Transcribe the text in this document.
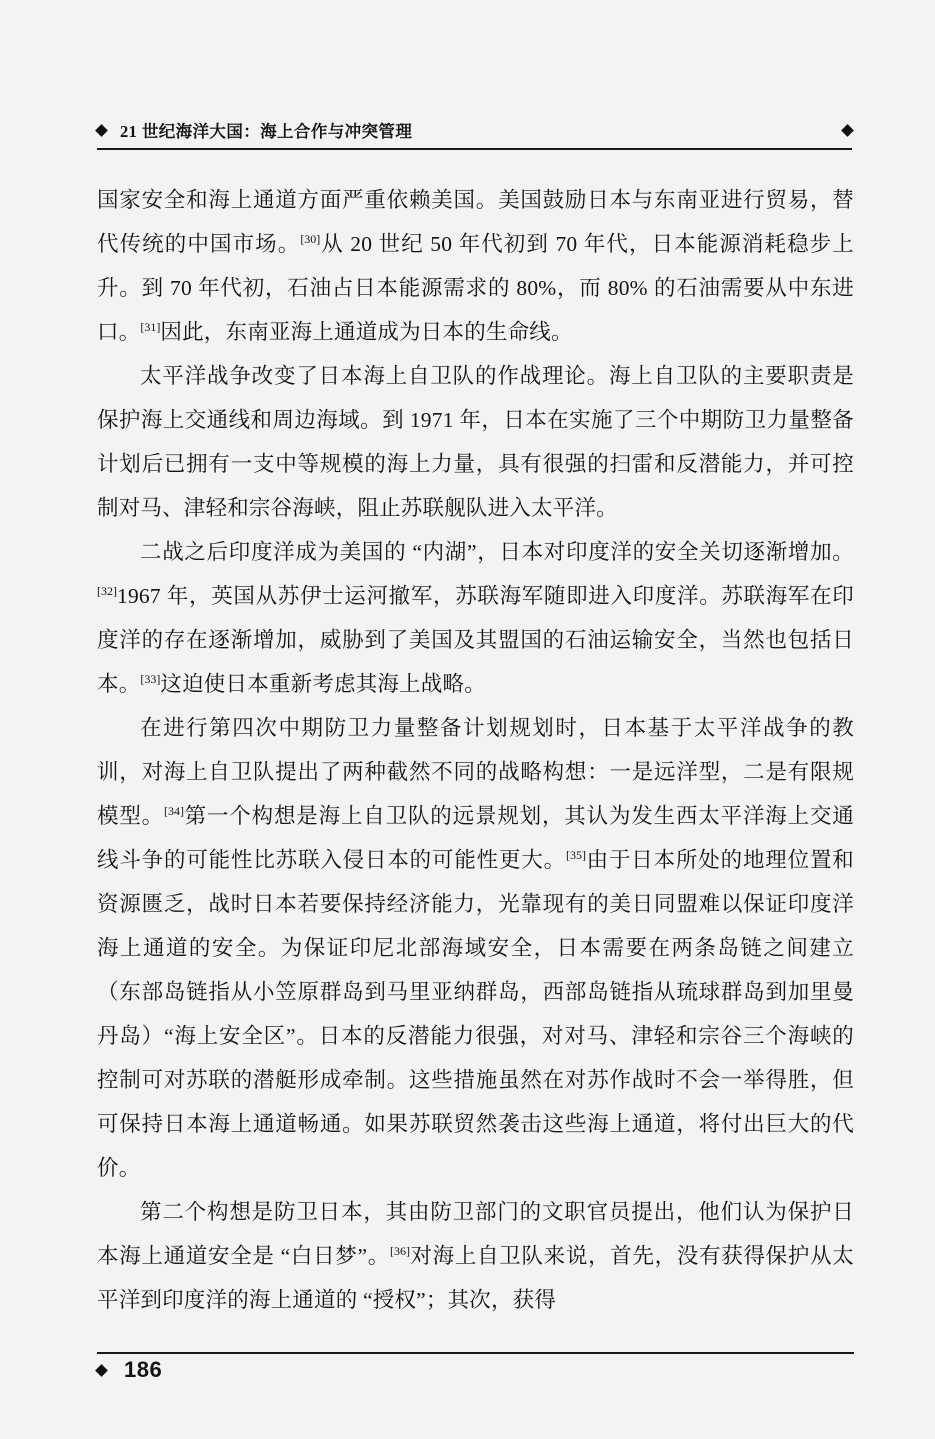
21 世纪海洋大国：海上合作与冲突管理

国家安全和海上通道方面严重依赖美国。美国鼓励日本与东南亚进行贸易，替代传统的中国市场。[30]从 20 世纪 50 年代初到 70 年代，日本能源消耗稳步上升。到 70 年代初，石油占日本能源需求的 80%，而 80% 的石油需要从中东进口。[31]因此，东南亚海上通道成为日本的生命线。

太平洋战争改变了日本海上自卫队的作战理论。海上自卫队的主要职责是保护海上交通线和周边海域。到 1971 年，日本在实施了三个中期防卫力量整备计划后已拥有一支中等规模的海上力量，具有很强的扫雷和反潜能力，并可控制对马、津轻和宗谷海峡，阻止苏联舰队进入太平洋。

二战之后印度洋成为美国的 “内湖”，日本对印度洋的安全关切逐渐增加。[32]1967 年，英国从苏伊士运河撤军，苏联海军随即进入印度洋。苏联海军在印度洋的存在逐渐增加，威胁到了美国及其盟国的石油运输安全，当然也包括日本。[33]这迫使日本重新考虑其海上战略。

在进行第四次中期防卫力量整备计划规划时，日本基于太平洋战争的教训，对海上自卫队提出了两种截然不同的战略构想：一是远洋型，二是有限规模型。[34]第一个构想是海上自卫队的远景规划，其认为发生西太平洋海上交通线斗争的可能性比苏联入侵日本的可能性更大。[35]由于日本所处的地理位置和资源匮乏，战时日本若要保持经济能力，光靠现有的美日同盟难以保证印度洋海上通道的安全。为保证印尼北部海域安全，日本需要在两条岛链之间建立（东部岛链指从小笠原群岛到马里亚纳群岛，西部岛链指从琉球群岛到加里曼丹岛）“海上安全区”。日本的反潜能力很强，对对马、津轻和宗谷三个海峡的控制可对苏联的潜艇形成牵制。这些措施虽然在对苏作战时不会一举得胜，但可保持日本海上通道畅通。如果苏联贸然袭击这些海上通道，将付出巨大的代价。

第二个构想是防卫日本，其由防卫部门的文职官员提出，他们认为保护日本海上通道安全是 “白日梦”。[36]对海上自卫队来说，首先，没有获得保护从太平洋到印度洋的海上通道的 “授权”；其次，获得

186
